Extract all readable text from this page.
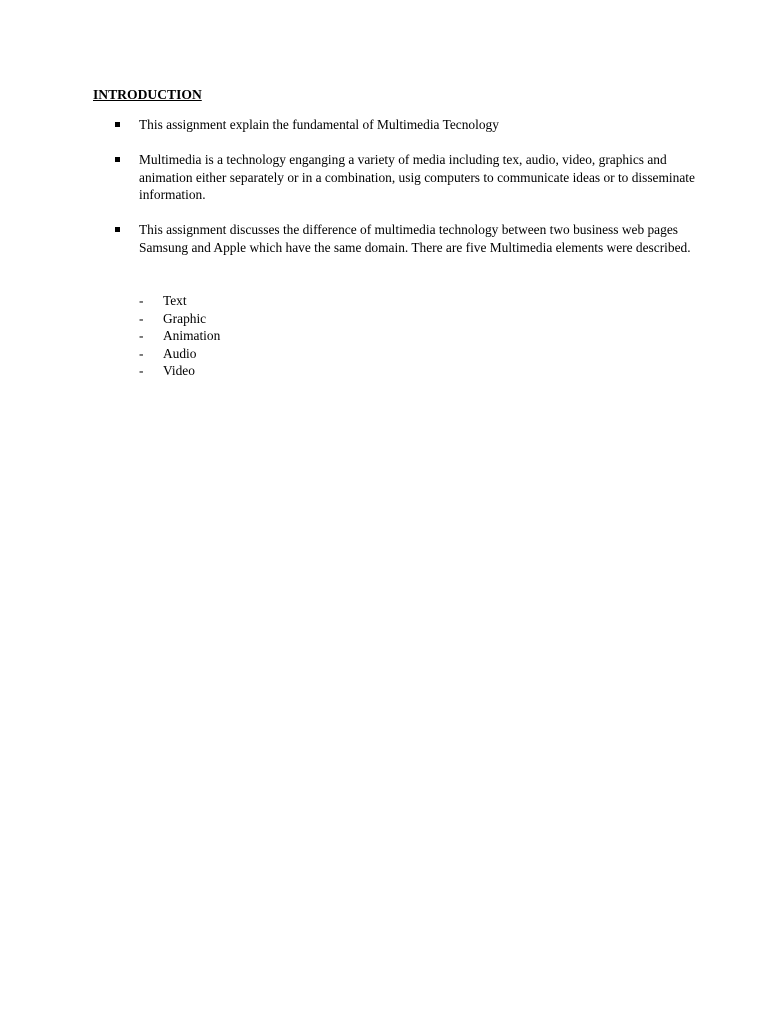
INTRODUCTION
This assignment explain the fundamental of Multimedia Tecnology
Multimedia is a technology enganging a variety of media including tex, audio, video, graphics and animation either separately or in a combination, usig computers to communicate ideas or to disseminate information.
This assignment discusses the difference of multimedia technology between two business web pages Samsung and Apple which have the same domain. There are five Multimedia elements were described.
- Text
- Graphic
- Animation
- Audio
- Video
